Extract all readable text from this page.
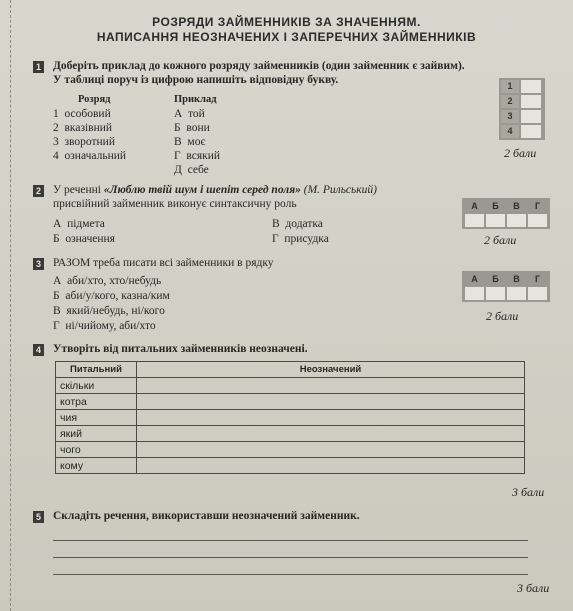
РОЗРЯДИ ЗАЙМЕННИКІВ ЗА ЗНАЧЕННЯМ.
НАПИСАННЯ НЕОЗНАЧЕНИХ І ЗАПЕРЕЧНИХ ЗАЙМЕННИКІВ
1 Доберіть приклад до кожного розряду займенників (один займенник є зайвим).
У таблиці поруч із цифрою напишіть відповідну букву.
Розряд	Приклад
1 особовий
2 вказівний
3 зворотний
4 означальний
А той
Б вони
В моє
Г всякий
Д себе
1
2
3
4
2 бали
2 У реченні «Люблю твій шум і шепіт серед поля» (М. Рильський)
присвійний займенник виконує синтаксичну роль
А підмета
Б означення
В додатка
Г присудка
А	Б	В	Г
2 бали
3 РАЗОМ треба писати всі займенники в рядку
А аби/хто, хто/небудь
Б аби/у/кого, казна/ким
В який/небудь, ні/кого
Г ні/чийому, аби/хто
А	Б	В	Г
2 бали
4 Утворіть від питальних займенників неозначені.
Питальний	Неозначений
скільки	
котра	
чия	
який	
чого	
кому	
3 бали
5 Складіть речення, використавши неозначений займенник.
3 бали
